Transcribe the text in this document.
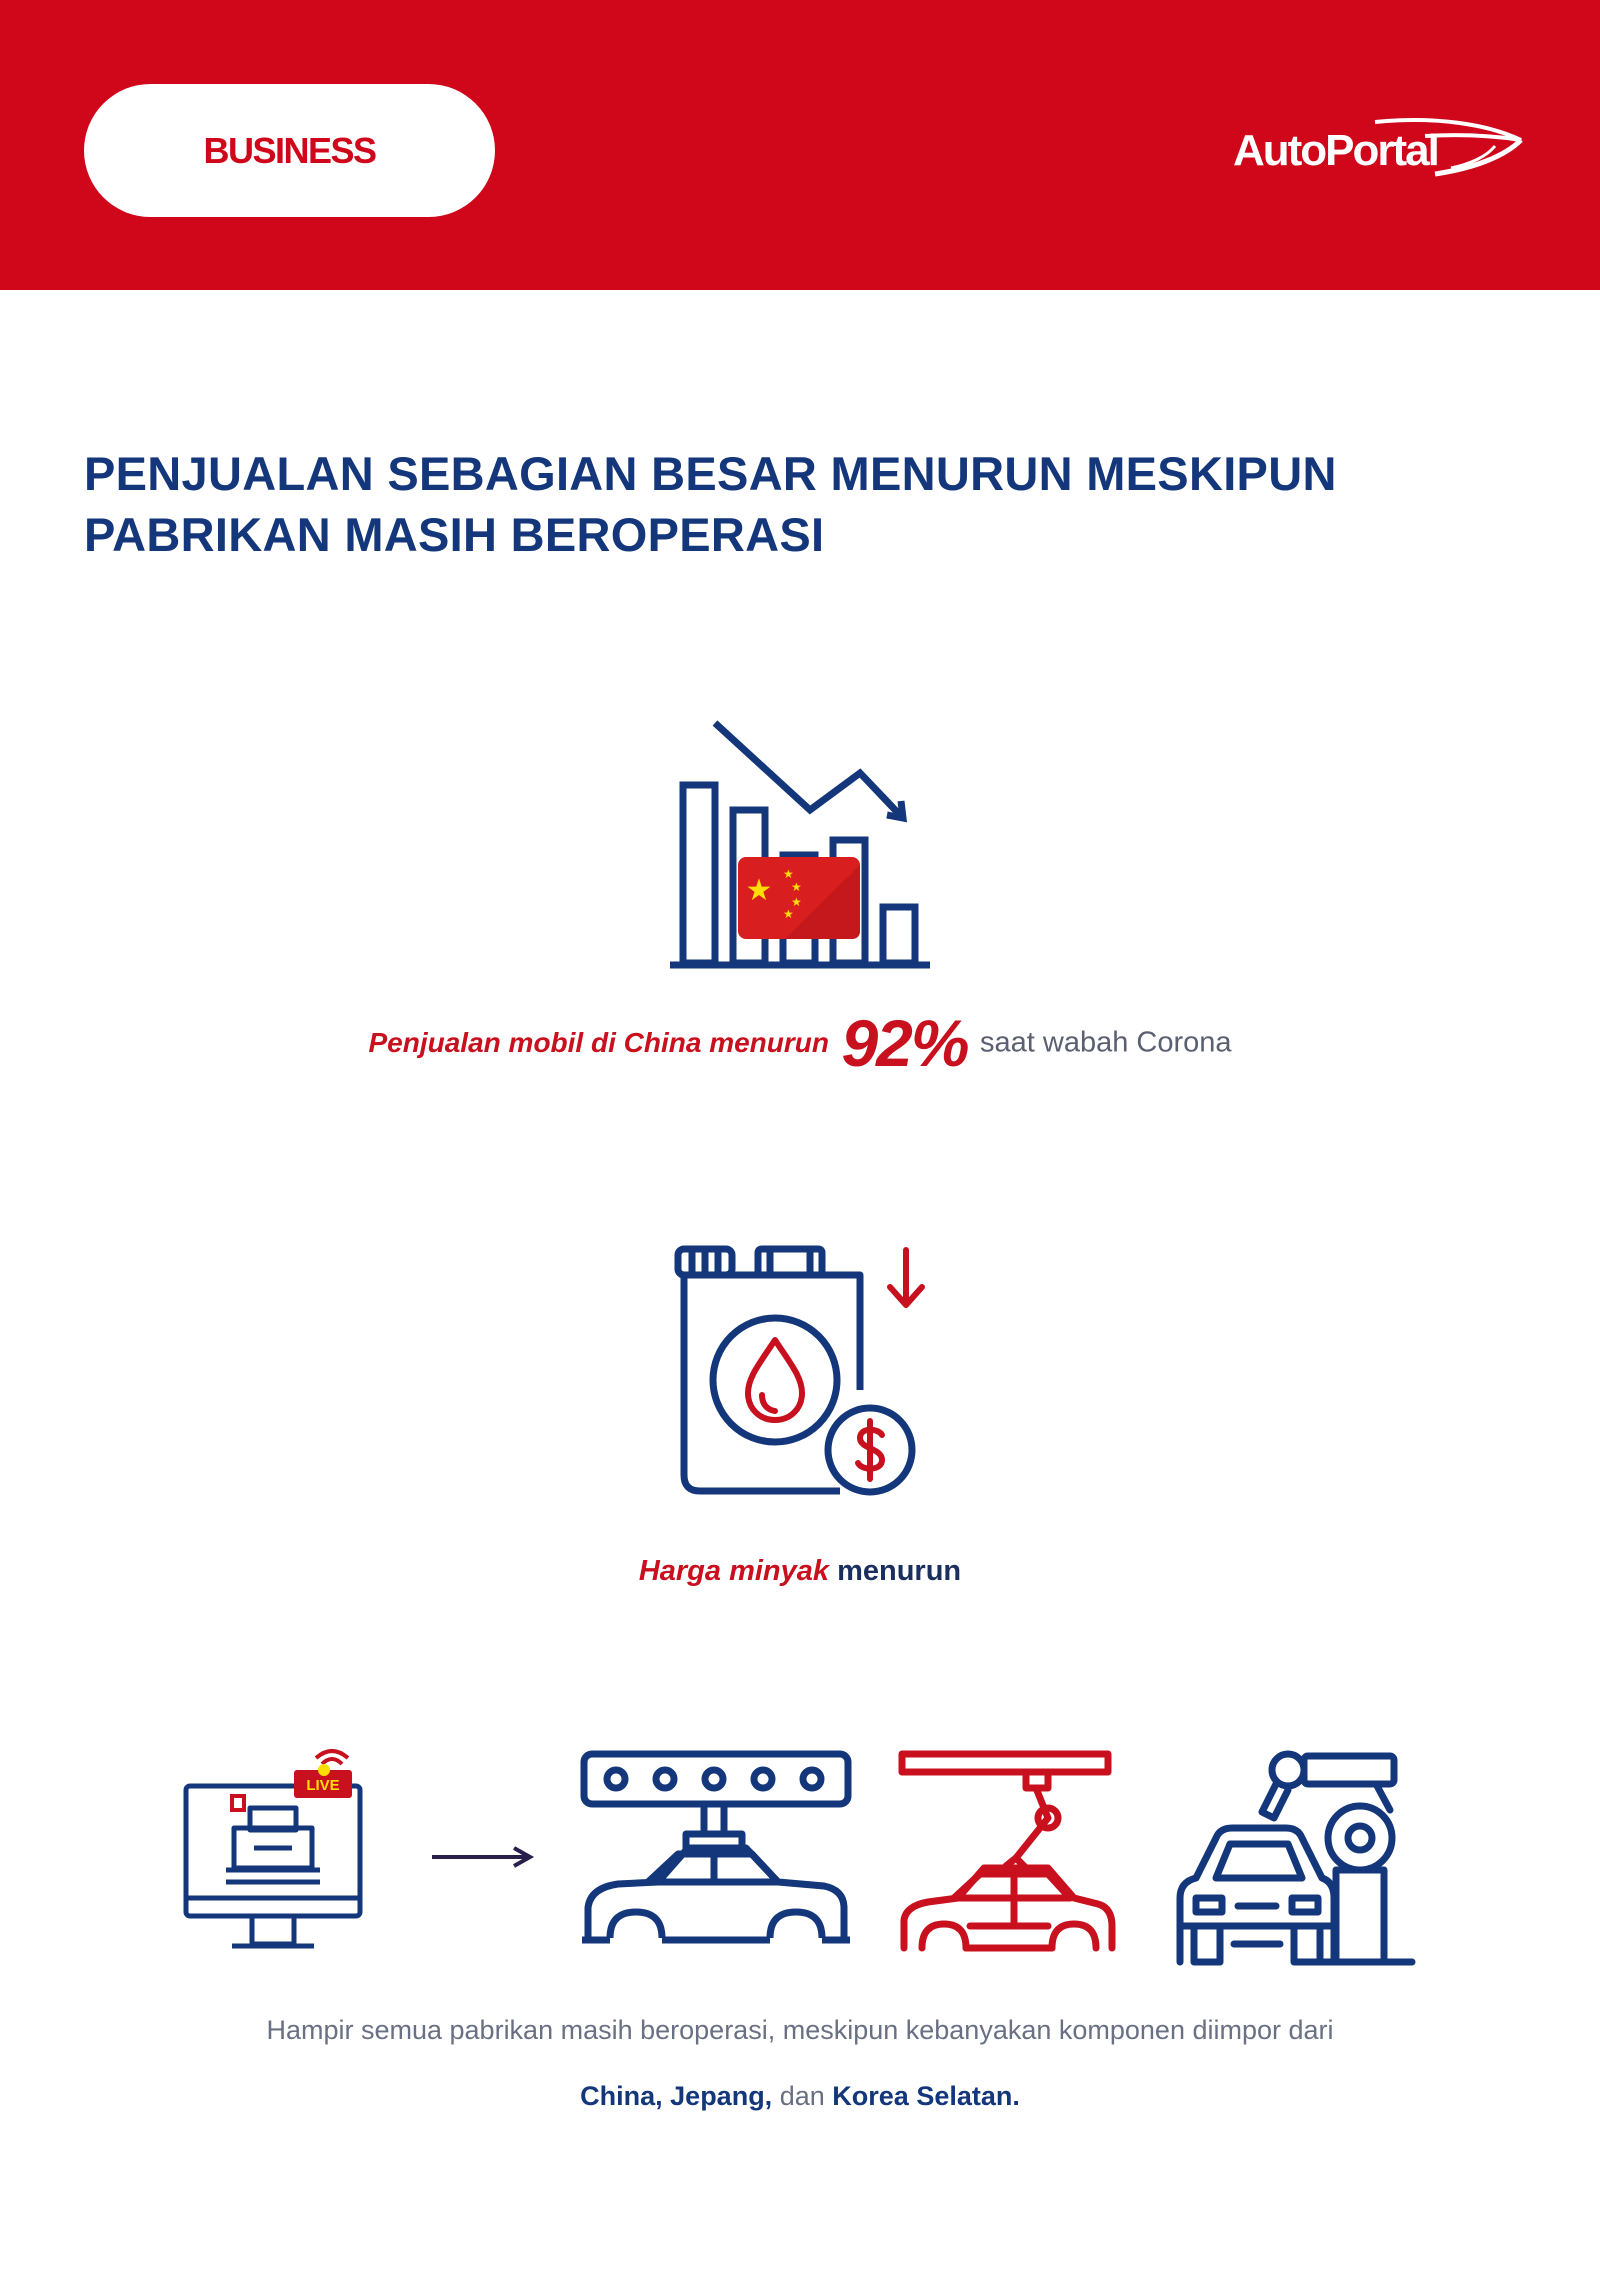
BUSINESS	AutoPortal
PENJUALAN SEBAGIAN BESAR MENURUN MESKIPUN
PABRIKAN MASIH BEROPERASI
★ ★
★
★
★
Penjualan mobil di China menurun 92% saat wabah Corona
Harga minyak menurun
LIVE
Hampir semua pabrikan masih beroperasi, meskipun kebanyakan komponen diimpor dari
China, Jepang, dan Korea Selatan.
